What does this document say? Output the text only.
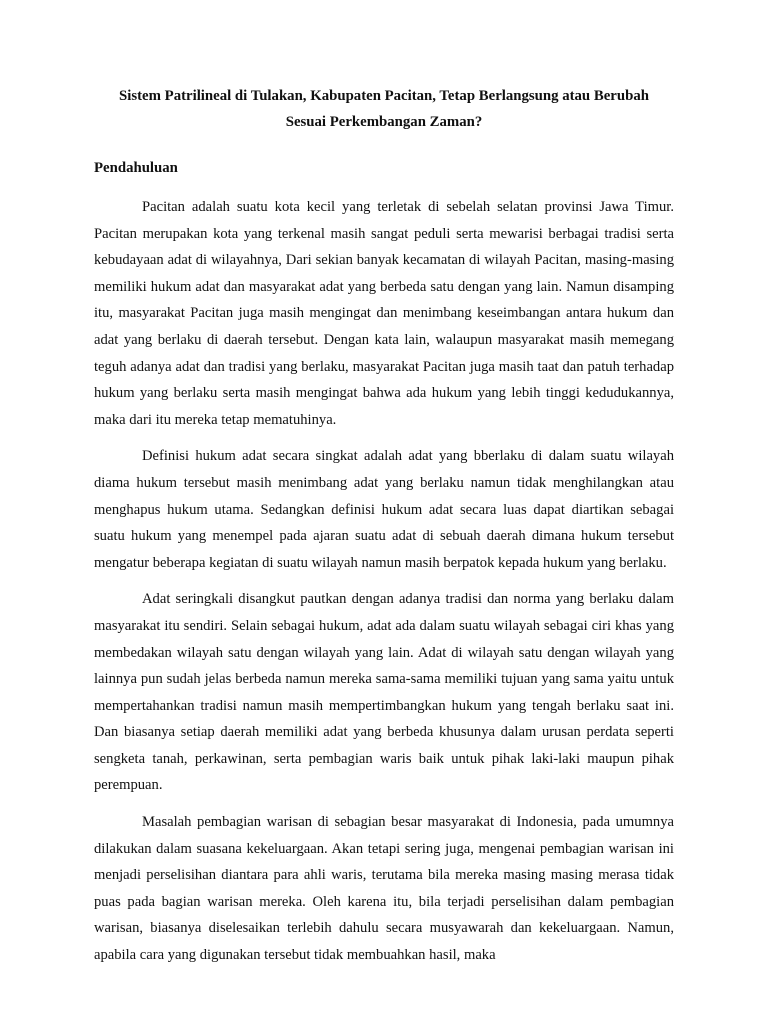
Sistem Patrilineal di Tulakan, Kabupaten Pacitan, Tetap Berlangsung atau Berubah
Sesuai Perkembangan Zaman?
Pendahuluan

Pacitan adalah suatu kota kecil yang terletak di sebelah selatan provinsi Jawa Timur. Pacitan merupakan kota yang terkenal masih sangat peduli serta mewarisi berbagai tradisi serta kebudayaan adat di wilayahnya, Dari sekian banyak kecamatan di wilayah Pacitan, masing-masing memiliki hukum adat dan masyarakat adat yang berbeda satu dengan yang lain. Namun disamping itu, masyarakat Pacitan juga masih mengingat dan menimbang keseimbangan antara hukum dan adat yang berlaku di daerah tersebut. Dengan kata lain, walaupun masyarakat masih memegang teguh adanya adat dan tradisi yang berlaku, masyarakat Pacitan juga masih taat dan patuh terhadap hukum yang berlaku serta masih mengingat bahwa ada hukum yang lebih tinggi kedudukannya, maka dari itu mereka tetap mematuhinya.

Definisi hukum adat secara singkat adalah adat yang bberlaku di dalam suatu wilayah diama hukum tersebut masih menimbang adat yang berlaku namun tidak menghilangkan atau menghapus hukum utama. Sedangkan definisi hukum adat secara luas dapat diartikan sebagai suatu hukum yang menempel pada ajaran suatu adat di sebuah daerah dimana hukum tersebut mengatur beberapa kegiatan di suatu wilayah namun masih berpatok kepada hukum yang berlaku.

Adat seringkali disangkut pautkan dengan adanya tradisi dan norma yang berlaku dalam masyarakat itu sendiri. Selain sebagai hukum, adat ada dalam suatu wilayah sebagai ciri khas yang membedakan wilayah satu dengan wilayah yang lain. Adat di wilayah satu dengan wilayah yang lainnya pun sudah jelas berbeda namun mereka sama-sama memiliki tujuan yang sama yaitu untuk mempertahankan tradisi namun masih mempertimbangkan hukum yang tengah berlaku saat ini. Dan biasanya setiap daerah memiliki adat yang berbeda khusunya dalam urusan perdata seperti sengketa tanah, perkawinan, serta pembagian waris baik untuk pihak laki-laki maupun pihak perempuan.

Masalah pembagian warisan di sebagian besar masyarakat di Indonesia, pada umumnya dilakukan dalam suasana kekeluargaan. Akan tetapi sering juga, mengenai pembagian warisan ini menjadi perselisihan diantara para ahli waris, terutama bila mereka masing masing merasa tidak puas pada bagian warisan mereka. Oleh karena itu, bila terjadi perselisihan dalam pembagian warisan, biasanya diselesaikan terlebih dahulu secara musyawarah dan kekeluargaan. Namun, apabila cara yang digunakan tersebut tidak membuahkan hasil, maka
